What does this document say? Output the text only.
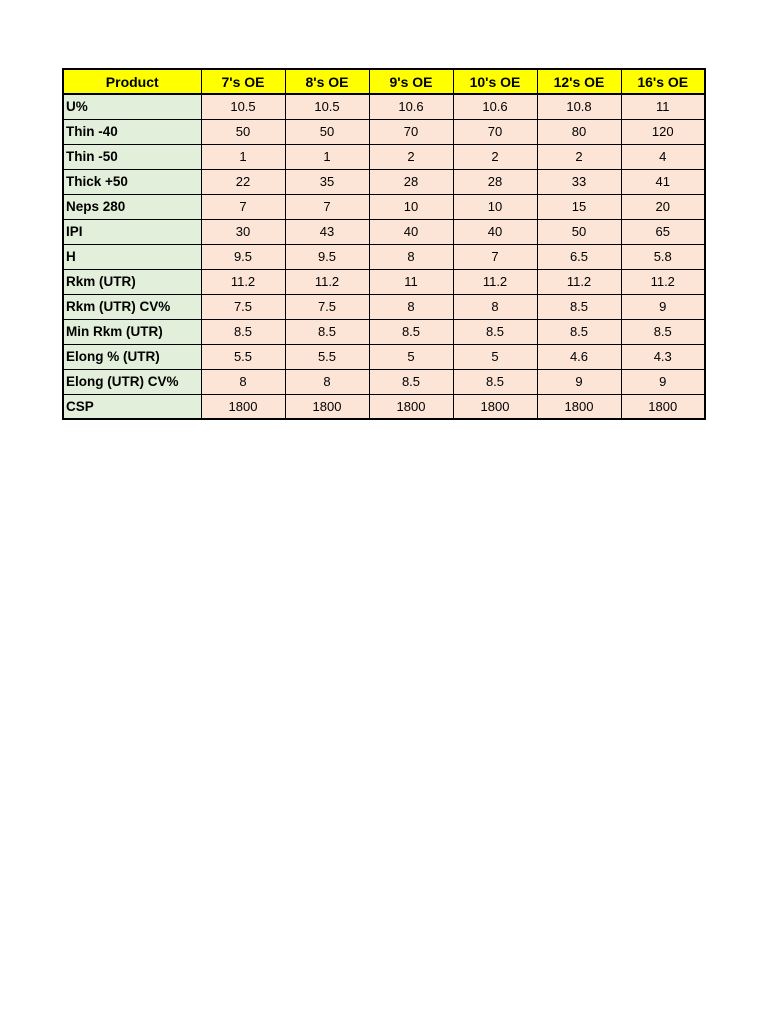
Product	7's OE	8's OE	9's OE	10's OE	12's OE	16's OE
U%	10.5	10.5	10.6	10.6	10.8	11
Thin -40	50	50	70	70	80	120
Thin -50	1	1	2	2	2	4
Thick +50	22	35	28	28	33	41
Neps 280	7	7	10	10	15	20
IPI	30	43	40	40	50	65
H	9.5	9.5	8	7	6.5	5.8
Rkm (UTR)	11.2	11.2	11	11.2	11.2	11.2
Rkm (UTR) CV%	7.5	7.5	8	8	8.5	9
Min Rkm (UTR)	8.5	8.5	8.5	8.5	8.5	8.5
Elong % (UTR)	5.5	5.5	5	5	4.6	4.3
Elong (UTR) CV%	8	8	8.5	8.5	9	9
CSP	1800	1800	1800	1800	1800	1800
